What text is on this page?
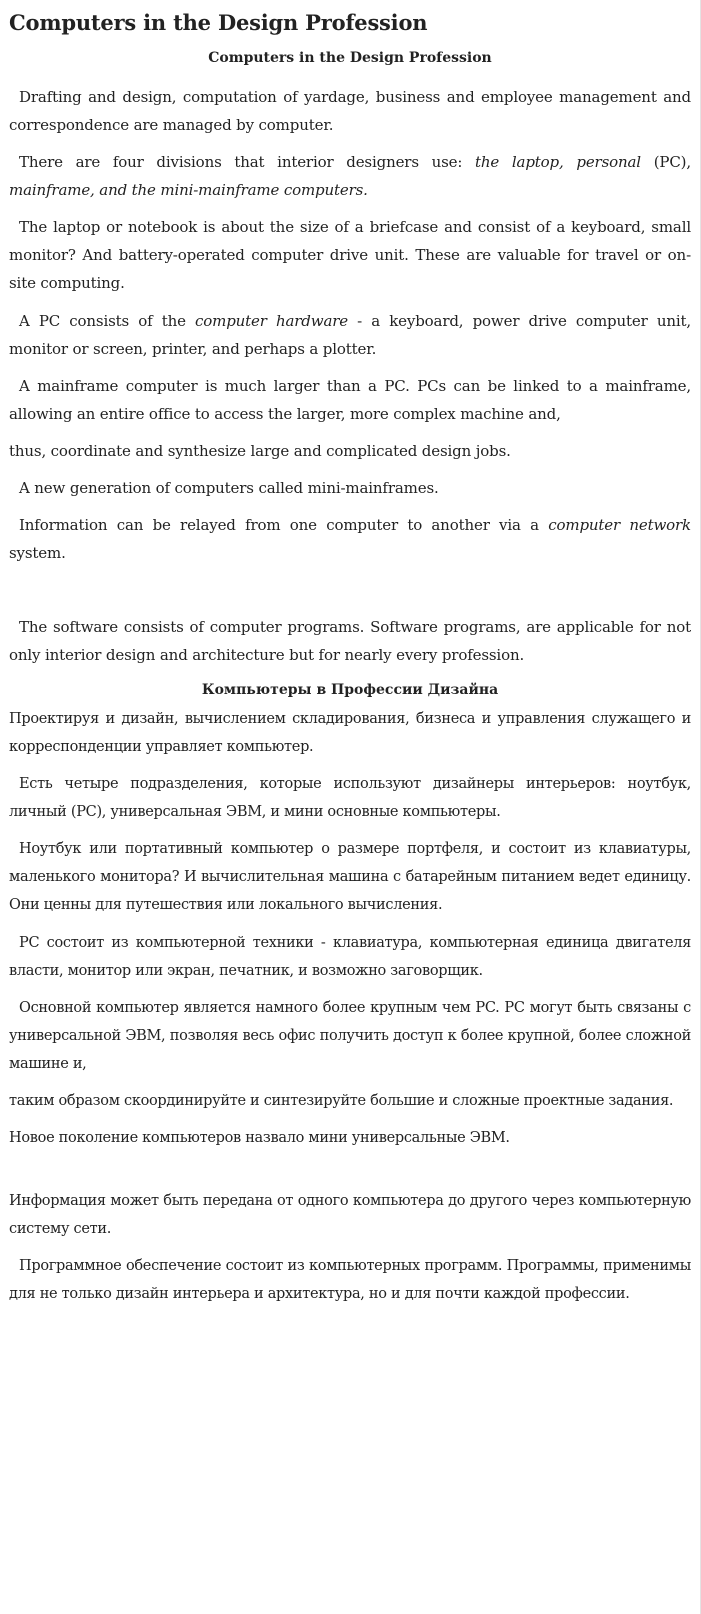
Computers in the Design Profession
Computers in the Design Profession

Drafting and design, computation of yardage, business and employee management and correspondence are managed by computer.

There are four divisions that interior designers use: the laptop, personal (PC), mainframe, and the mini-mainframe computers.

The laptop or notebook is about the size of a briefcase and consist of a keyboard, small monitor? And battery-operated computer drive unit. These are valuable for travel or on-site computing.

A PC consists of the computer hardware - a keyboard, power drive computer unit, monitor or screen, printer, and perhaps a plotter.

A mainframe computer is much larger than a PC. PCs can be linked to a mainframe, allowing an entire office to access the larger, more complex machine and,

thus, coordinate and synthesize large and complicated design jobs.

A new generation of computers called mini-mainframes.

Information can be relayed from one computer to another via a computer network system.

The software consists of computer programs. Software programs, are applicable for not only interior design and architecture but for nearly every profession.

Компьютеры в Профессии Дизайна

Проектируя и дизайн, вычислением складирования, бизнеса и управления служащего и корреспонденции управляет компьютер.

Есть четыре подразделения, которые используют дизайнеры интерьеров: ноутбук, личный (PC), универсальная ЭВМ, и мини основные компьютеры.

Ноутбук или портативный компьютер о размере портфеля, и состоит из клавиатуры, маленького монитора? И вычислительная машина с батарейным питанием ведет единицу. Они ценны для путешествия или локального вычисления.

PC состоит из компьютерной техники - клавиатура, компьютерная единица двигателя власти, монитор или экран, печатник, и возможно заговорщик.

Основной компьютер является намного более крупным чем PC. PC могут быть связаны с универсальной ЭВМ, позволяя весь офис получить доступ к более крупной, более сложной машине и,

таким образом скоординируйте и синтезируйте большие и сложные проектные задания.

Новое поколение компьютеров назвало мини универсальные ЭВМ.

Информация может быть передана от одного компьютера до другого через компьютерную систему сети.

Программное обеспечение состоит из компьютерных программ. Программы, применимы для не только дизайн интерьера и архитектура, но и для почти каждой профессии.
